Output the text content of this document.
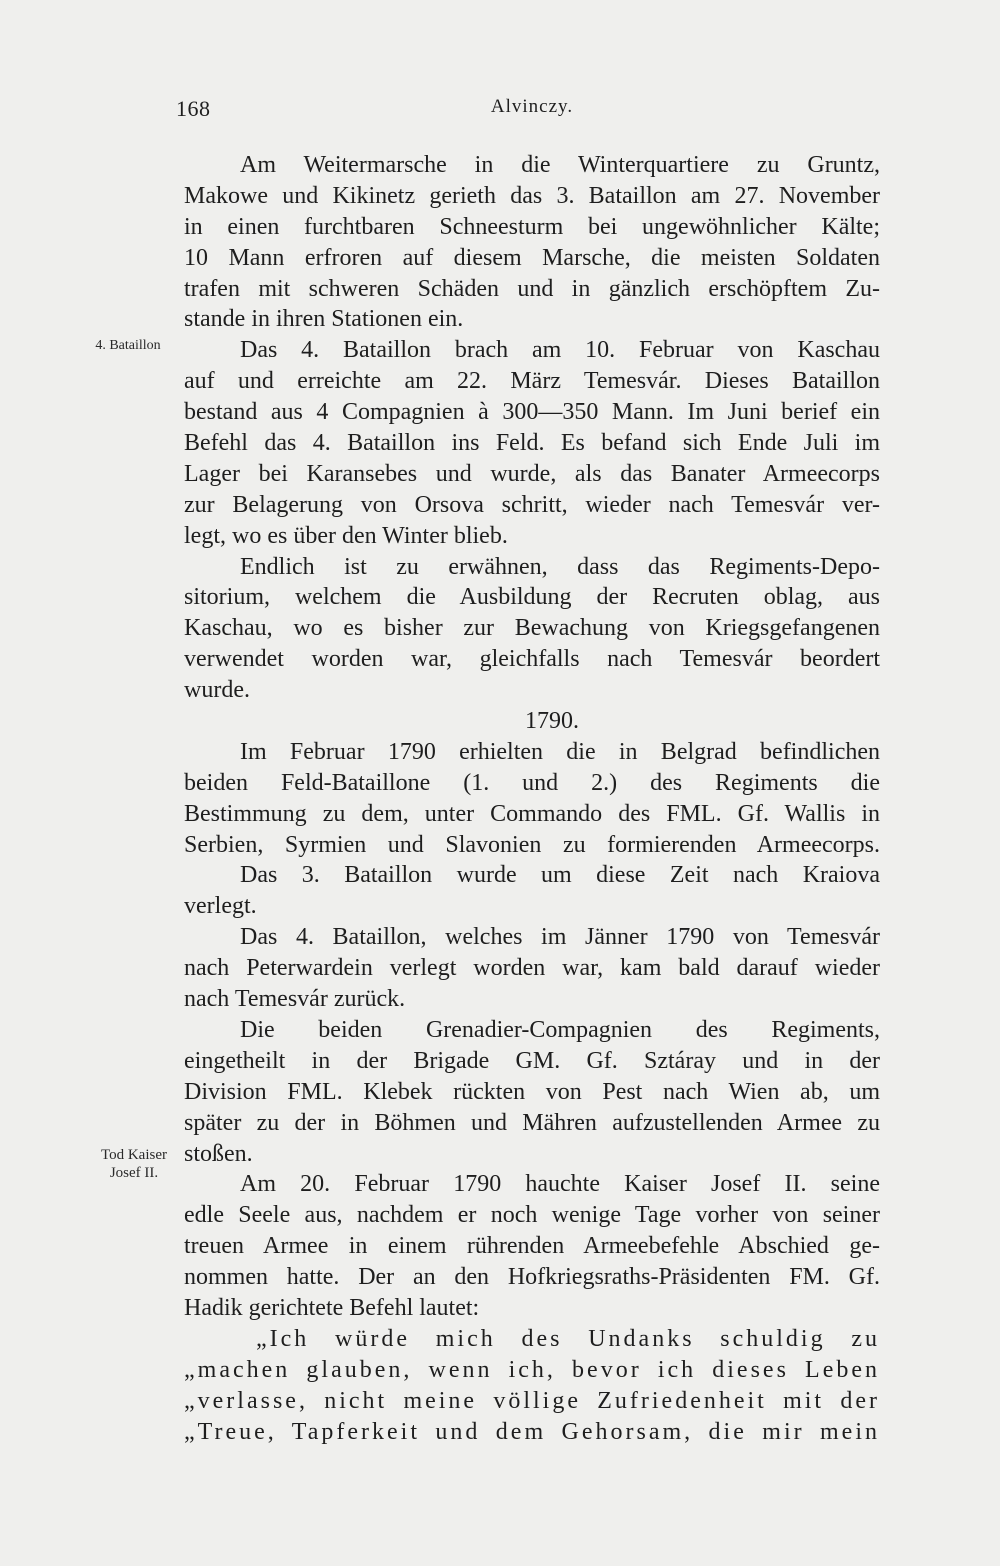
168	Alvinczy.
4. Bataillon
Tod Kaiser
Josef II.
Am Weitermarsche in die Winterquartiere zu Gruntz,
Makowe und Kikinetz gerieth das 3. Bataillon am 27. November
in einen furchtbaren Schneesturm bei ungewöhnlicher Kälte;
10 Mann erfroren auf diesem Marsche, die meisten Soldaten
trafen mit schweren Schäden und in gänzlich erschöpftem Zu-
stande in ihren Stationen ein.
Das 4. Bataillon brach am 10. Februar von Kaschau
auf und erreichte am 22. März Temesvár. Dieses Bataillon
bestand aus 4 Compagnien à 300—350 Mann. Im Juni berief ein
Befehl das 4. Bataillon ins Feld. Es befand sich Ende Juli im
Lager bei Karansebes und wurde, als das Banater Armeecorps
zur Belagerung von Orsova schritt, wieder nach Temesvár ver-
legt, wo es über den Winter blieb.
Endlich ist zu erwähnen, dass das Regiments-Depo-
sitorium, welchem die Ausbildung der Recruten oblag, aus
Kaschau, wo es bisher zur Bewachung von Kriegsgefangenen
verwendet worden war, gleichfalls nach Temesvár beordert
wurde.
1790.
Im Februar 1790 erhielten die in Belgrad befindlichen
beiden Feld-Bataillone (1. und 2.) des Regiments die
Bestimmung zu dem, unter Commando des FML. Gf. Wallis in
Serbien, Syrmien und Slavonien zu formierenden Armeecorps.
Das 3. Bataillon wurde um diese Zeit nach Kraiova
verlegt.
Das 4. Bataillon, welches im Jänner 1790 von Temesvár
nach Peterwardein verlegt worden war, kam bald darauf wieder
nach Temesvár zurück.
Die beiden Grenadier-Compagnien des Regiments,
eingetheilt in der Brigade GM. Gf. Sztáray und in der
Division FML. Klebek rückten von Pest nach Wien ab, um
später zu der in Böhmen und Mähren aufzustellenden Armee zu
stoßen.
Am 20. Februar 1790 hauchte Kaiser Josef II. seine
edle Seele aus, nachdem er noch wenige Tage vorher von seiner
treuen Armee in einem rührenden Armeebefehle Abschied ge-
nommen hatte. Der an den Hofkriegsraths-Präsidenten FM. Gf.
Hadik gerichtete Befehl lautet:
„Ich würde mich des Undanks schuldig zu
„machen glauben, wenn ich, bevor ich dieses Leben
„verlasse, nicht meine völlige Zufriedenheit mit der
„Treue, Tapferkeit und dem Gehorsam, die mir mein
